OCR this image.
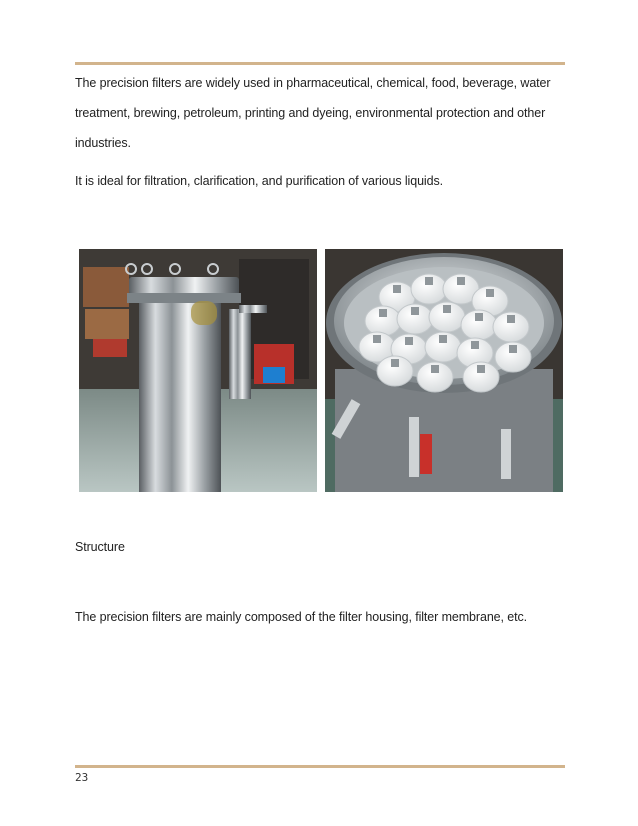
The precision filters are widely used in pharmaceutical, chemical, food, beverage, water treatment, brewing, petroleum, printing and dyeing, environmental protection and other industries.

It is ideal for filtration, clarification, and purification of various liquids.

Structure

The precision filters are mainly composed of the filter housing, filter membrane, etc.

23
